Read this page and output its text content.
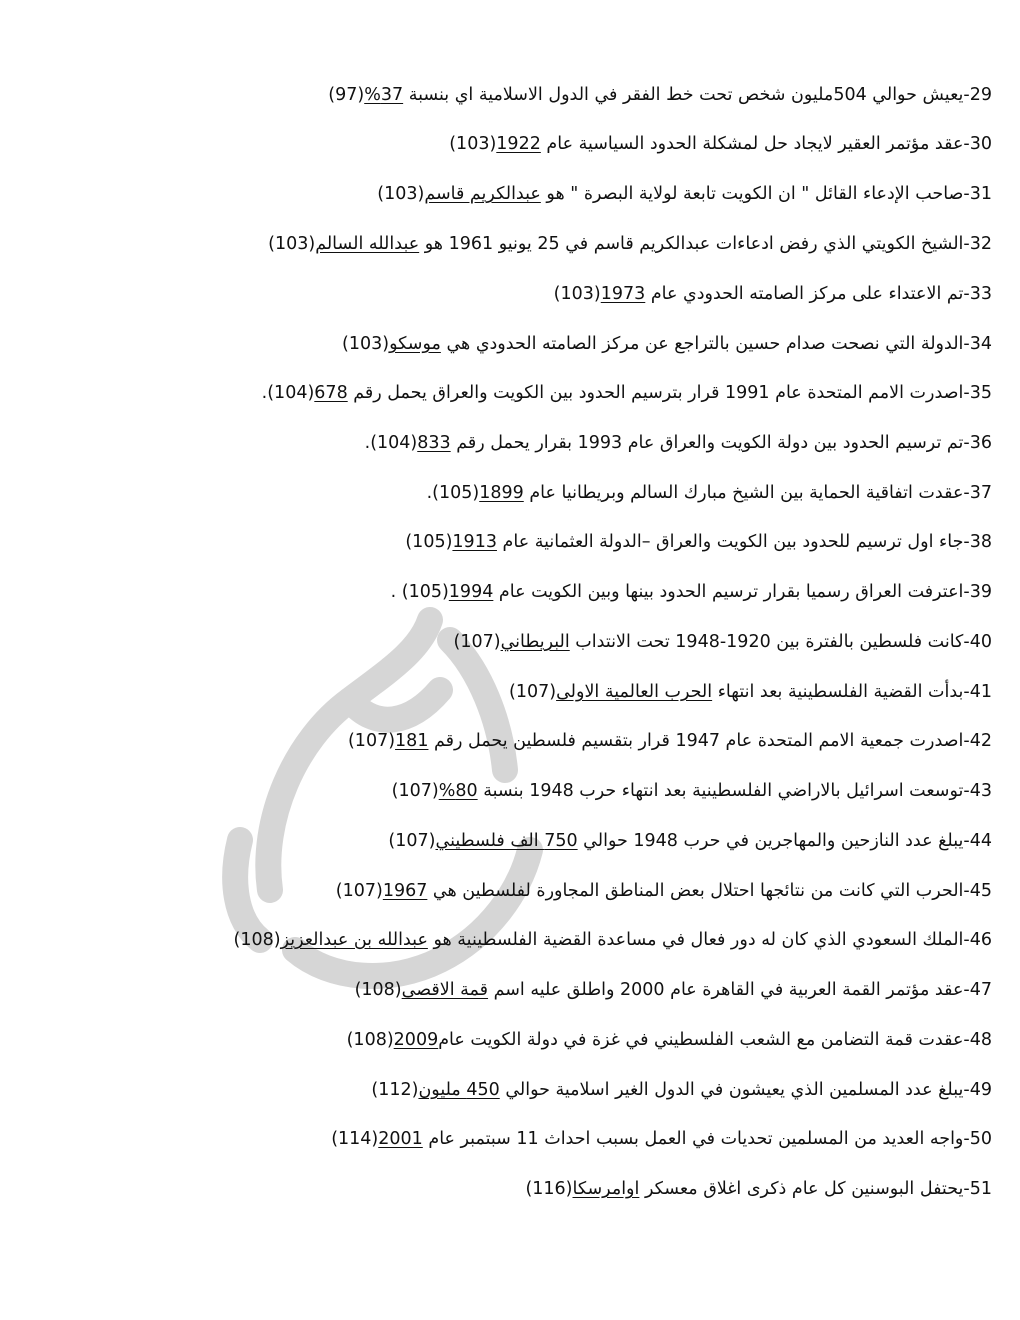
29-يعيش حوالي 504مليون شخص تحت خط الفقر في الدول الاسلامية اي بنسبة 37% (97)
30-عقد مؤتمر العقير لايجاد حل لمشكلة الحدود السياسية عام 1922 (103)
31-صاحب الإدعاء القائل " ان الكويت تابعة لولاية البصرة " هو عبدالكريم قاسم(103)
32-الشيخ الكويتي الذي رفض ادعاءات عبدالكريم قاسم في 25 يونيو 1961 هو عبدالله السالم(103)
33-تم الاعتداء على مركز الصامته الحدودي عام 1973 (103)
34-الدولة التي نصحت صدام حسين بالتراجع عن مركز الصامته الحدودي هي موسكو (103)
35-اصدرت الامم المتحدة عام 1991 قرار بترسيم الحدود بين الكويت والعراق يحمل رقم 678.(104)
36-تم ترسيم الحدود بين دولة الكويت والعراق عام 1993 بقرار يحمل رقم 833.(104)
37-عقدت اتفاقية الحماية بين الشيخ مبارك السالم وبريطانيا عام 1899.(105)
38-جاء اول ترسيم للحدود بين الكويت والعراق –الدولة العثمانية عام 1913 (105)
39-اعترفت العراق رسميا بقرار ترسيم الحدود بينها وبين الكويت عام 1994 . (105)
40-كانت فلسطين بالفترة بين 1920-1948 تحت الانتداب البريطاني (107)
41-بدأت القضية الفلسطينية بعد انتهاء الحرب العالمية الاولى(107)
42-اصدرت جمعية الامم المتحدة عام 1947 قرار بتقسيم فلسطين يحمل رقم 181 (107)
43-توسعت اسرائيل بالاراضي الفلسطينية بعد انتهاء حرب 1948 بنسبة 80% (107)
44-يبلغ عدد النازحين والمهاجرين في حرب 1948 حوالي 750 الف فلسطيني(107)
45-الحرب التي كانت من نتائجها احتلال بعض المناطق المجاورة لفلسطين هي 1967 (107)
46-الملك السعودي الذي كان له دور فعال في مساعدة القضية الفلسطينية هو عبدالله بن عبدالعزيز (108)
47-عقد مؤتمر القمة العربية في القاهرة عام 2000 واطلق عليه اسم قمة الاقصى (108)
48-عقدت قمة التضامن مع الشعب الفلسطيني في غزة في دولة الكويت عام2009 (108)
49-يبلغ عدد المسلمين الذي يعيشون في الدول الغير اسلامية حوالي 450 مليون (112)
50-واجه العديد من المسلمين تحديات في العمل بسبب احداث 11 سبتمبر عام 2001 (114)
51-يحتفل البوسنين كل عام ذكرى اغلاق معسكر اوامرسكا (116)
